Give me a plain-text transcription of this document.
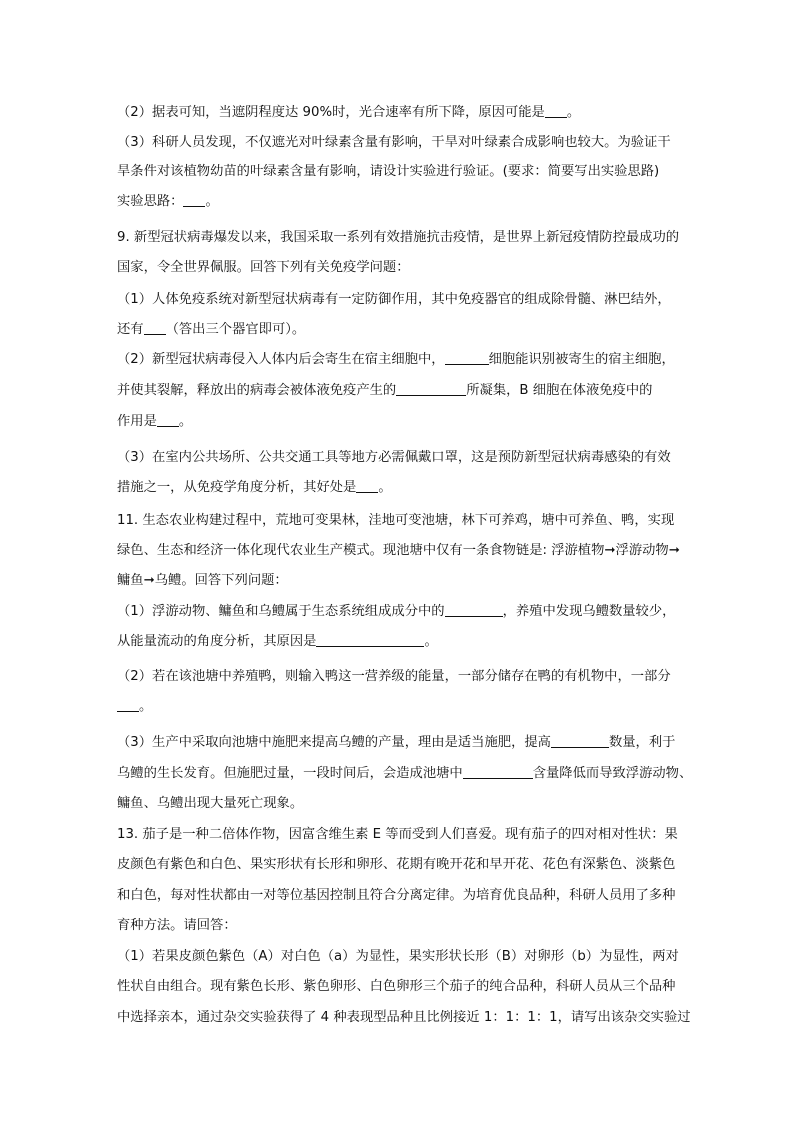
（2）据表可知，当遮阴程度达 90%时，光合速率有所下降，原因可能是 。
（3）科研人员发现，不仅遮光对叶绿素含量有影响，干旱对叶绿素合成影响也较大。为验证干
旱条件对该植物幼苗的叶绿素含量有影响，请设计实验进行验证。(要求：简要写出实验思路)
实验思路： 。
9. 新型冠状病毒爆发以来，我国采取一系列有效措施抗击疫情，是世界上新冠疫情防控最成功的
国家，令全世界佩服。回答下列有关免疫学问题：
（1）人体免疫系统对新型冠状病毒有一定防御作用，其中免疫器官的组成除骨髓、淋巴结外，
还有 （答出三个器官即可）。
（2）新型冠状病毒侵入人体内后会寄生在宿主细胞中，	细胞能识别被寄生的宿主细胞，
并使其裂解，释放出的病毒会被体液免疫产生的	所凝集，B 细胞在体液免疫中的
作用是 。
（3）在室内公共场所、公共交通工具等地方必需佩戴口罩，这是预防新型冠状病毒感染的有效
措施之一，从免疫学角度分析，其好处是 。
11. 生态农业构建过程中，荒地可变果林，洼地可变池塘，林下可养鸡，塘中可养鱼、鸭，实现
绿色、生态和经济一体化现代农业生产模式。现池塘中仅有一条食物链是: 浮游植物➞浮游动物➞
鳙鱼➞乌鳢。回答下列问题：
（1）浮游动物、鳙鱼和乌鳢属于生态系统组成成分中的	，养殖中发现乌鳢数量较少，
从能量流动的角度分析，其原因是	。
（2）若在该池塘中养殖鸭，则输入鸭这一营养级的能量，一部分储存在鸭的有机物中，一部分
。
（3）生产中采取向池塘中施肥来提高乌鳢的产量，理由是适当施肥，提高	数量，利于
乌鳢的生长发育。但施肥过量，一段时间后，会造成池塘中	含量降低而导致浮游动物、
鳙鱼、乌鳢出现大量死亡现象。
13. 茄子是一种二倍体作物，因富含维生素 E 等而受到人们喜爱。现有茄子的四对相对性状：果
皮颜色有紫色和白色、果实形状有长形和卵形、花期有晚开花和早开花、花色有深紫色、淡紫色
和白色，每对性状都由一对等位基因控制且符合分离定律。为培育优良品种，科研人员用了多种
育种方法。请回答：
（1）若果皮颜色紫色（A）对白色（a）为显性，果实形状长形（B）对卵形（b）为显性，两对
性状自由组合。现有紫色长形、紫色卵形、白色卵形三个茄子的纯合品种，科研人员从三个品种
中选择亲本，通过杂交实验获得了 4 种表现型品种且比例接近 1：1：1：1，请写出该杂交实验过
